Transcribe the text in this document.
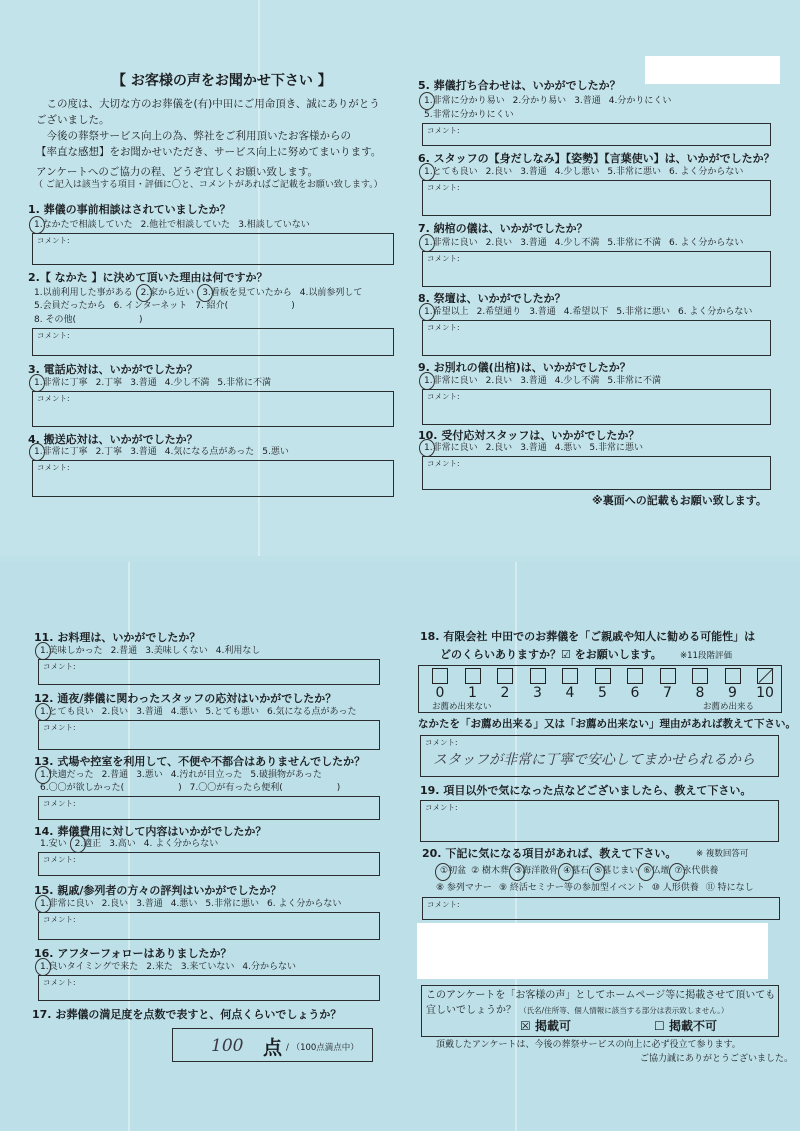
【 お客様の声をお聞かせ下さい 】
　この度は、大切な方のお葬儀を(有)中田にご用命頂き、誠にありがとう
ございました。
　今後の葬祭サービス向上の為、弊社をご利用頂いたお客様からの
【率直な感想】をお聞かせいただき、サービス向上に努めてまいります。
アンケートへのご協力の程、どうぞ宜しくお願い致します。
（ ご記入は該当する項目・評価に〇と、コメントがあればご記載をお願い致します。）
1. 葬儀の事前相談はされていましたか？
1.なかたで相談していた 2.他社で相談していた 3.相談していない
コメント:
2.【 なかた 】に決めて頂いた理由は何ですか？
1.以前利用した事がある 2.家から近い 3.看板を見ていたから 4.以前参列して
5.会員だったから 6. インターネット 7. 紹介(　　　　　　　)
8. その他(　　　　　　　)
コメント:
3. 電話応対は、いかがでしたか？
1.非常に丁寧 2.丁寧 3.普通 4.少し不満 5.非常に不満
コメント:
4. 搬送応対は、いかがでしたか？
1.非常に丁寧 2.丁寧 3.普通 4.気になる点があった 5.悪い
コメント:
5. 葬儀打ち合わせは、いかがでしたか？
1.非常に分かり易い 2.分かり易い 3.普通 4.分かりにくい
5.非常に分かりにくい
コメント:
6. スタッフの【身だしなみ】【姿勢】【言葉使い】は、いかがでしたか？
1.とても良い 2.良い 3.普通 4.少し悪い 5.非常に悪い 6. よく分からない
コメント:
7. 納棺の儀は、いかがでしたか？
1.非常に良い 2.良い 3.普通 4.少し不満 5.非常に不満 6. よく分からない
コメント:
8. 祭壇は、いかがでしたか？
1.希望以上 2.希望通り 3.普通 4.希望以下 5.非常に悪い 6. よく分からない
コメント:
9. お別れの儀(出棺)は、いかがでしたか？
1.非常に良い 2.良い 3.普通 4.少し不満 5.非常に不満
コメント:
10. 受付応対スタッフは、いかがでしたか？
1.非常に良い 2.良い 3.普通 4.悪い 5.非常に悪い
コメント:
11. お料理は、いかがでしたか？
1.美味しかった 2.普通 3.美味しくない 4.利用なし
コメント:
12. 通夜/葬儀に関わったスタッフの応対はいかがでしたか？
1.とても良い 2.良い 3.普通 4.悪い 5.とても悪い 6.気になる点があった
コメント:
13. 式場や控室を利用して、不便や不都合はありませんでしたか？
1.快適だった 2.普通 3.悪い 4.汚れが目立った 5.破損物があった
6.〇〇が欲しかった(　　　　　　) 7.〇〇が有ったら便利(　　　　　　)
コメント:
14. 葬儀費用に対して内容はいかがでしたか？
1.安い 2.適正 3.高い 4. よく分からない
コメント:
15. 親戚/参列者の方々の評判はいかがでしたか？
1.非常に良い 2.良い 3.普通 4.悪い 5.非常に悪い 6. よく分からない
コメント:
16. アフターフォローはありましたか？
1.良いタイミングで来た 2.来た 3.来ていない 4.分からない
コメント:
※裏面への記載もお願い致します。
17. お葬儀の満足度を点数で表すと、何点くらいでしょうか？
100 点 / （100点満点中）
18. 有限会社 中田でのお葬儀を「ご親戚や知人に勧める可能性」は
どのくらいありますか？☑ をお願いします。 ※11段階評価
0	1	2	3	4	5	6	7	8	9	10
お薦め出来ない	お薦め出来る
なかたを「お薦め出来る」又は「お薦め出来ない」理由があれば教えて下さい。
コメント:
スタッフが非常に丁寧で安心してまかせられるから
19. 項目以外で気になった点などございましたら、教えて下さい。
コメント:
20. 下記に気になる項目があれば、教えて下さい。 ※ 複数回答可
①初盆 ② 樹木葬 ③海洋散骨 ④墓石 ⑤墓じまい ⑥仏壇 ⑦永代供養
⑧ 参列マナー ⑨ 終活セミナー等の参加型イベント ⑩ 人形供養 ⑪ 特になし
コメント:
このアンケートを「お客様の声」としてホームページ等に掲載させて頂いても
宜しいでしょうか？ （氏名/住所等、個人情報に該当する部分は表示致しません。）
☒ 掲載可	☐ 掲載不可
頂戴したアンケートは、今後の葬祭サービスの向上に必ず役立て参ります。
ご協力誠にありがとうございました。
